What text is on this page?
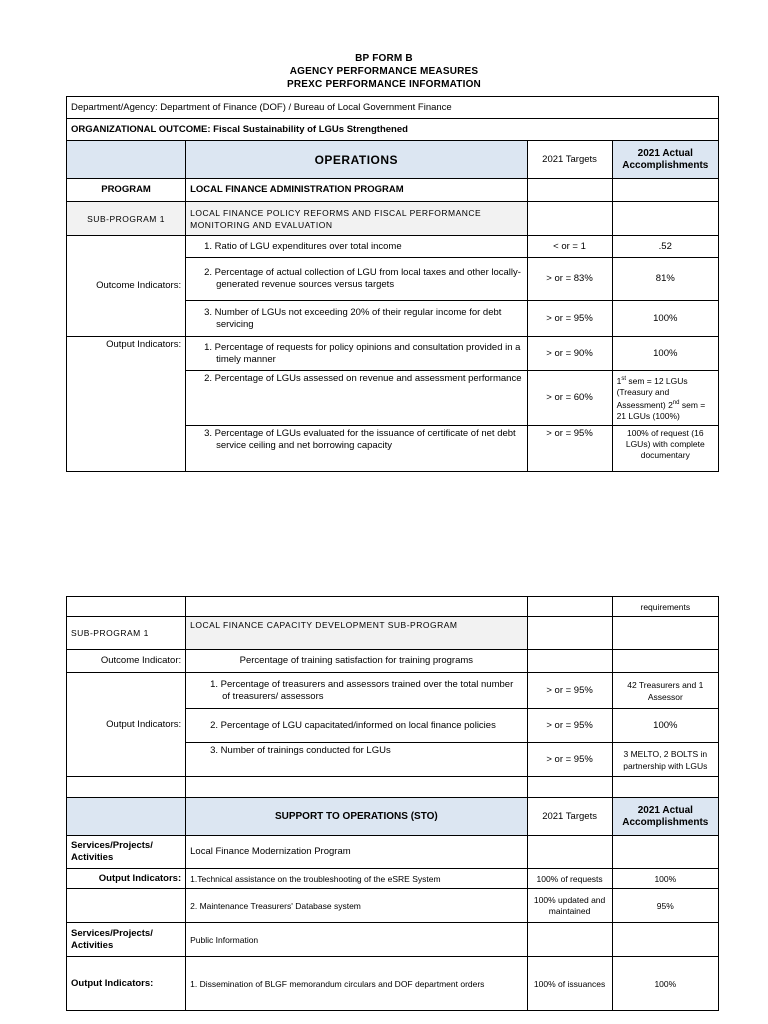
BP FORM B
AGENCY PERFORMANCE MEASURES
PREXC PERFORMANCE INFORMATION
Department/Agency: Department of Finance (DOF) / Bureau of Local Government Finance			
ORGANIZATIONAL OUTCOME: Fiscal Sustainability of LGUs Strengthened			
	OPERATIONS	2021 Targets	2021 Actual Accomplishments
PROGRAM	LOCAL FINANCE ADMINISTRATION PROGRAM		
SUB-PROGRAM 1	LOCAL FINANCE POLICY REFORMS AND FISCAL PERFORMANCE MONITORING AND EVALUATION		
Outcome Indicators:	1. Ratio of LGU expenditures over total income	< or = 1	.52
	2. Percentage of actual collection of LGU from local taxes and other locally-generated revenue sources versus targets	> or = 83%	81%
	3. Number of LGUs not exceeding 20% of their regular income for debt servicing	> or = 95%	100%
Output Indicators:	1. Percentage of requests for policy opinions and consultation provided in a timely manner	> or = 90%	100%
	2. Percentage of LGUs assessed on revenue and assessment performance	> or = 60%	1st sem = 12 LGUs (Treasury and Assessment) 2nd sem = 21 LGUs (100%)
	3. Percentage of LGUs evaluated for the issuance of certificate of net debt service ceiling and net borrowing capacity	> or = 95%	100% of request (16 LGUs) with complete documentary
			requirements
SUB-PROGRAM 1	LOCAL FINANCE CAPACITY DEVELOPMENT SUB-PROGRAM		
Outcome Indicator:	Percentage of training satisfaction for training programs		
Output Indicators:	1. Percentage of treasurers and assessors trained over the total number of treasurers/ assessors	> or = 95%	42 Treasurers and 1 Assessor
	2. Percentage of LGU capacitated/informed on local finance policies	> or = 95%	100%
	3. Number of trainings conducted for LGUs	> or = 95%	3 MELTO, 2 BOLTS in partnership with LGUs

	SUPPORT TO OPERATIONS (STO)	2021 Targets	2021 Actual Accomplishments
Services/Projects/ Activities	Local Finance Modernization Program		
Output Indicators:	1.Technical assistance on the troubleshooting of the eSRE System	100% of requests	100%
	2. Maintenance Treasurers' Database system	100% updated and maintained	95%
Services/Projects/ Activities	Public Information		
Output Indicators:	1. Dissemination of BLGF memorandum circulars and DOF department orders	100% of issuances	100%
